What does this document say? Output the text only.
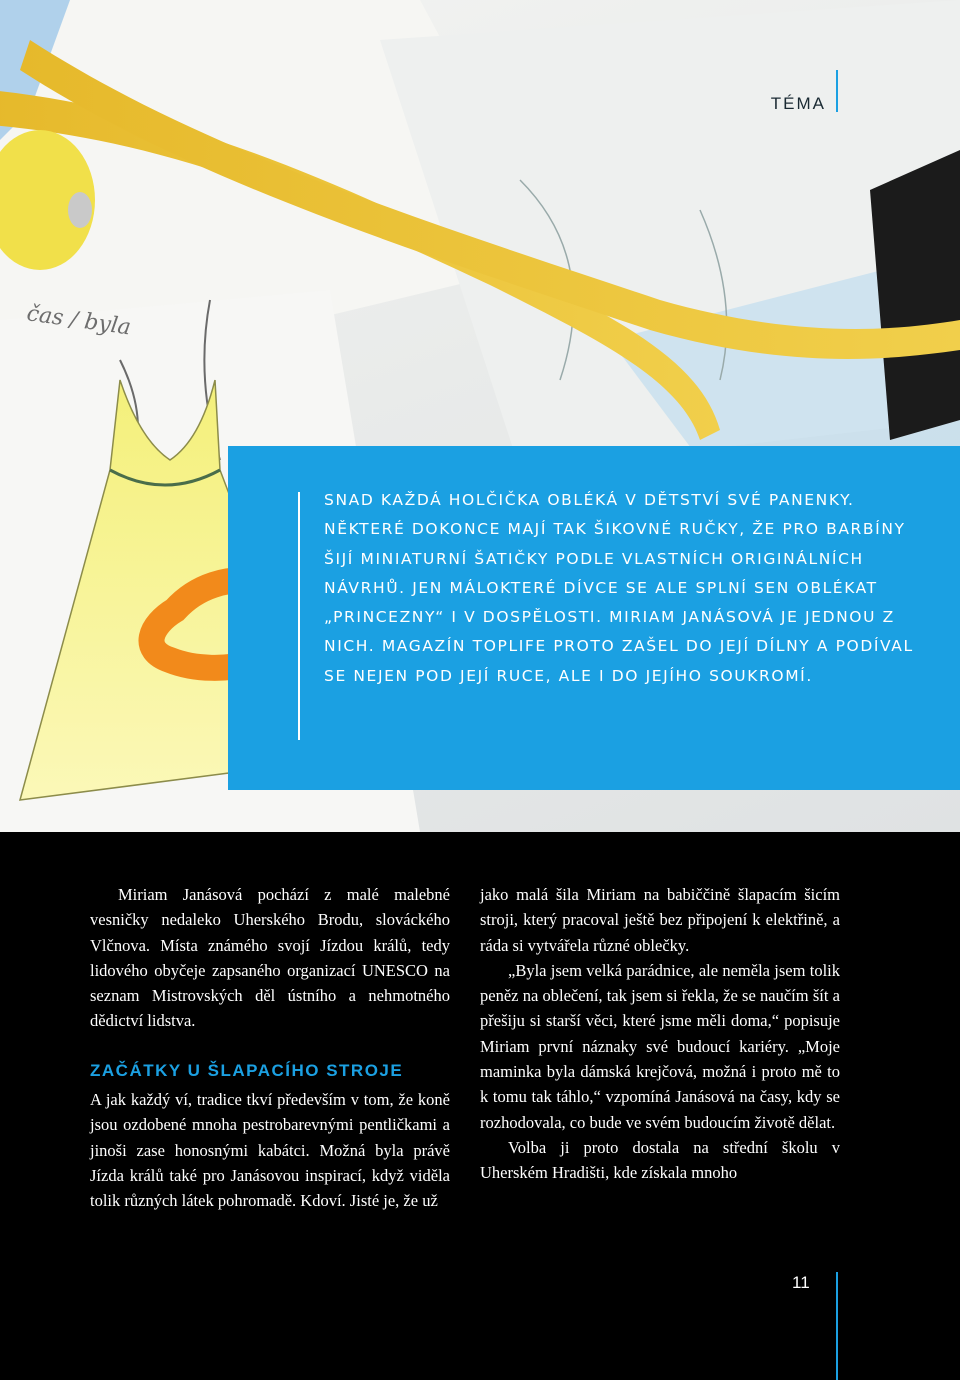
čas / byla
TÉMA
SNAD KAŽDÁ HOLČIČKA OBLÉKÁ V DĚTSTVÍ SVÉ PANENKY. NĚKTERÉ DOKONCE MAJÍ TAK ŠIKOVNÉ RUČKY, ŽE PRO BARBÍNY ŠIJÍ MINIATURNÍ ŠATIČKY PODLE VLASTNÍCH ORIGINÁLNÍCH NÁVRHŮ. JEN MÁLOKTERÉ DÍVCE SE ALE SPLNÍ SEN OBLÉKAT „PRINCEZNY“ I V DOSPĚLOSTI. MIRIAM JANÁSOVÁ JE JEDNOU Z NICH. MAGAZÍN TOPLIFE PROTO ZAŠEL DO JEJÍ DÍLNY A PODÍVAL SE NEJEN POD JEJÍ RUCE, ALE I DO JEJÍHO SOUKROMÍ.

Miriam Janásová pochází z malé malebné vesničky nedaleko Uherského Brodu, slováckého Vlčnova. Místa známého svojí Jízdou králů, tedy lidového obyčeje zapsaného organizací UNESCO na seznam Mistrovských děl ústního a nehmotného dědictví lidstva.

ZAČÁTKY U ŠLAPACÍHO STROJE

A jak každý ví, tradice tkví především v tom, že koně jsou ozdobené mnoha pestrobarevnými pentličkami a jinoši zase honosnými kabátci. Možná byla právě Jízda králů také pro Janásovou inspirací, když viděla tolik různých látek pohromadě. Kdoví. Jisté je, že už

jako malá šila Miriam na babiččině šlapacím šicím stroji, který pracoval ještě bez připojení k elektřině, a ráda si vytvářela různé oblečky.

„Byla jsem velká parádnice, ale neměla jsem tolik peněz na oblečení, tak jsem si řekla, že se naučím šít a přešiju si starší věci, které jsme měli doma,“ popisuje Miriam první náznaky své budoucí kariéry. „Moje maminka byla dámská krejčová, možná i proto mě to k tomu tak táhlo,“ vzpomíná Janásová na časy, kdy se rozhodovala, co bude ve svém budoucím životě dělat.

Volba ji proto dostala na střední školu v Uherském Hradišti, kde získala mnoho

11
